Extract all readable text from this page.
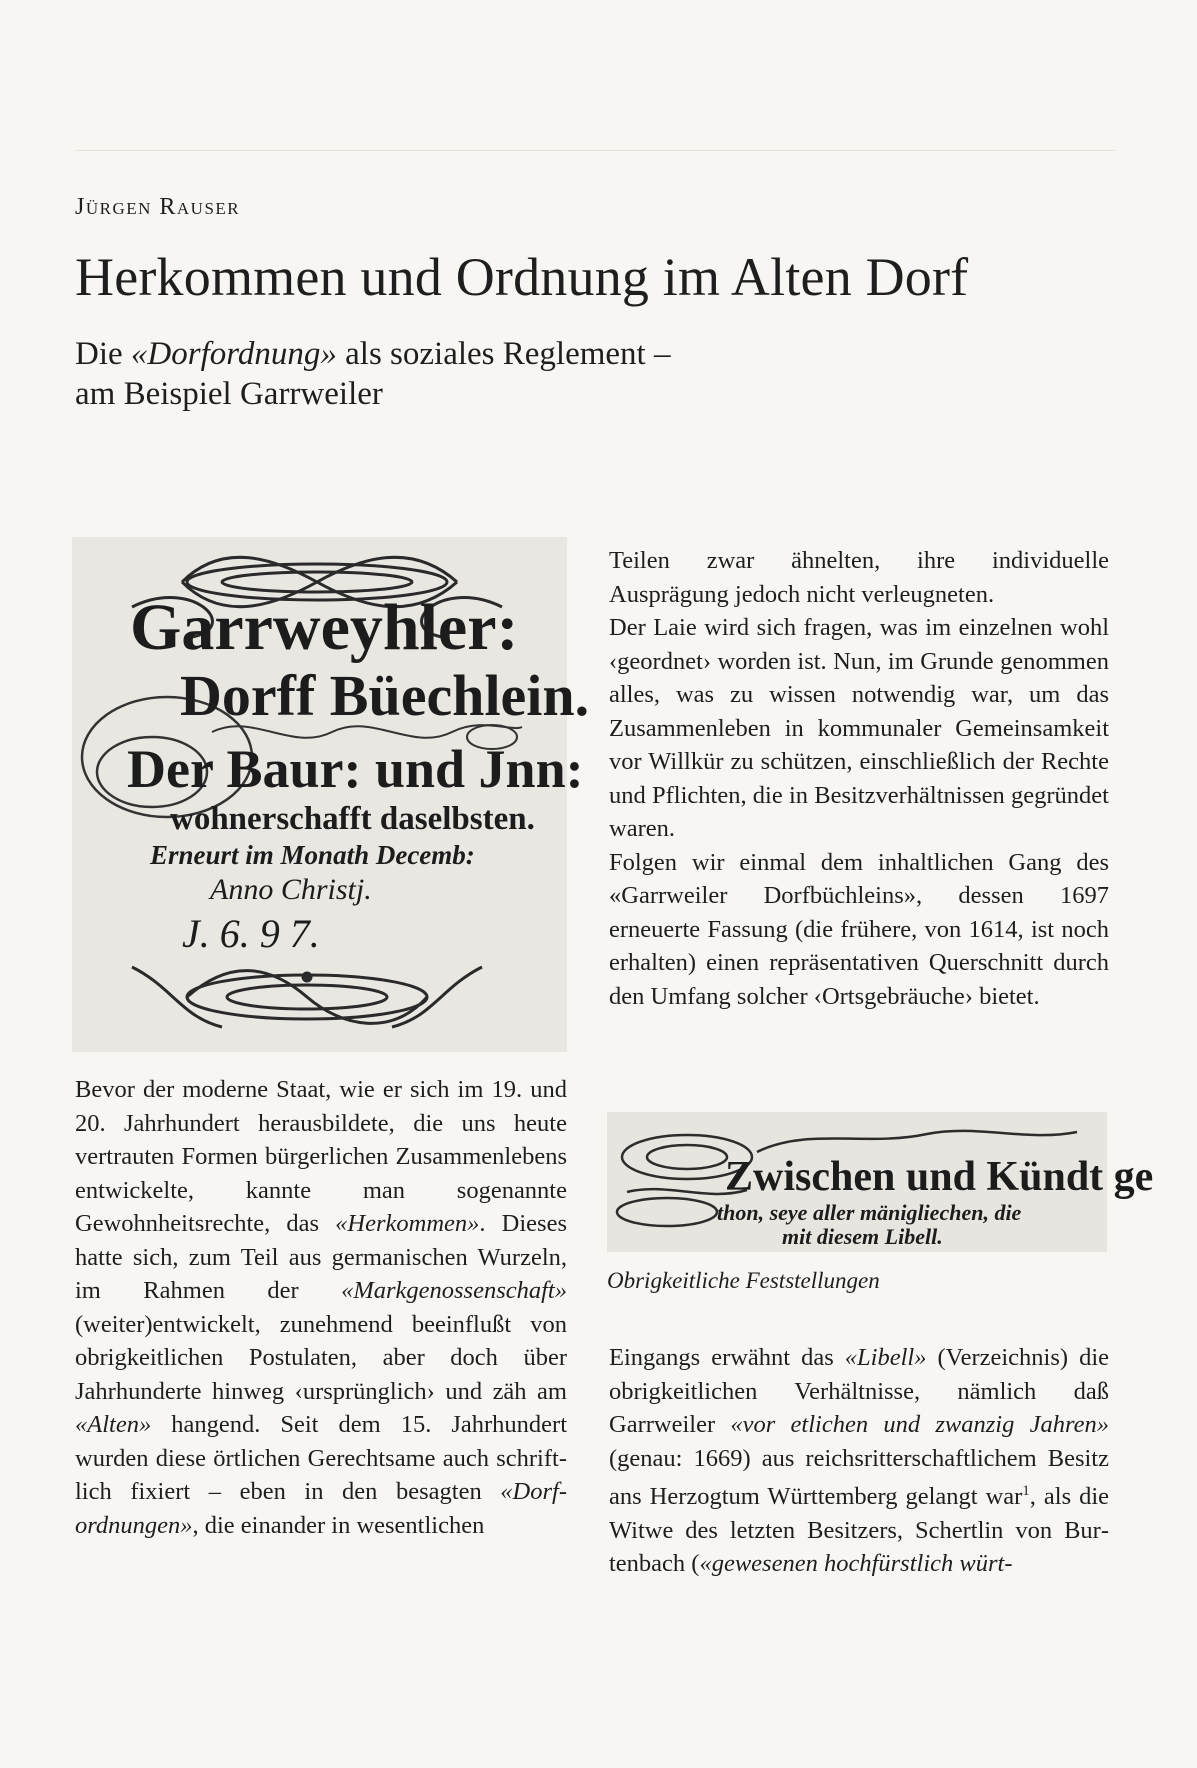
Jürgen Rauser
Herkommen und Ordnung im Alten Dorf
Die «Dorfordnung» als soziales Reglement –
am Beispiel Garrweiler
Garrweyhler:
Dorff Büechlein.
Der Baur: und Jnn:
wohnerschafft daselbsten.
Erneurt im Monath Decemb:
Anno Christj.
J. 6. 9 7.

Bevor der moderne Staat, wie er sich im 19. und 20. Jahrhundert herausbildete, die uns heute vertrauten Formen bürgerlichen Zusammenlebens entwickelte, kannte man sogenannte Gewohnheitsrechte, das «Herkommen». Dieses hatte sich, zum Teil aus germanischen Wurzeln, im Rahmen der «Markgenossenschaft» (weiter)entwickelt, zunehmend beeinflußt von obrigkeitlichen Postulaten, aber doch über Jahrhunderte hinweg ‹ursprünglich› und zäh am «Alten» hangend. Seit dem 15. Jahrhundert wurden diese örtlichen Gerechtsame auch schriftlich fixiert – eben in den besagten «Dorfordnungen», die einander in wesentlichen

Teilen zwar ähnelten, ihre individuelle Ausprägung jedoch nicht verleugneten.

Der Laie wird sich fragen, was im einzelnen wohl ‹geordnet› worden ist. Nun, im Grunde genommen alles, was zu wissen notwendig war, um das Zusammenleben in kommunaler Gemeinsamkeit vor Willkür zu schützen, einschließlich der Rechte und Pflichten, die in Besitzverhältnissen gegründet waren.

Folgen wir einmal dem inhaltlichen Gang des «Garrweiler Dorfbüchleins», dessen 1697 erneuerte Fassung (die frühere, von 1614, ist noch erhalten) einen repräsentativen Querschnitt durch den Umfang solcher ‹Ortsgebräuche› bietet.

Zwischen und Kündt ge
thon, seye aller mänigliechen, die
mit diesem Libell.
Obrigkeitliche Feststellungen

Eingangs erwähnt das «Libell» (Verzeichnis) die obrigkeitlichen Verhältnisse, nämlich daß Garrweiler «vor etlichen und zwanzig Jahren» (genau: 1669) aus reichsritterschaftlichem Besitz ans Herzogtum Württemberg gelangt war$^1$, als die Witwe des letzten Besitzers, Schertlin von Burtenbach («gewesenen hochfürstlich würt-
